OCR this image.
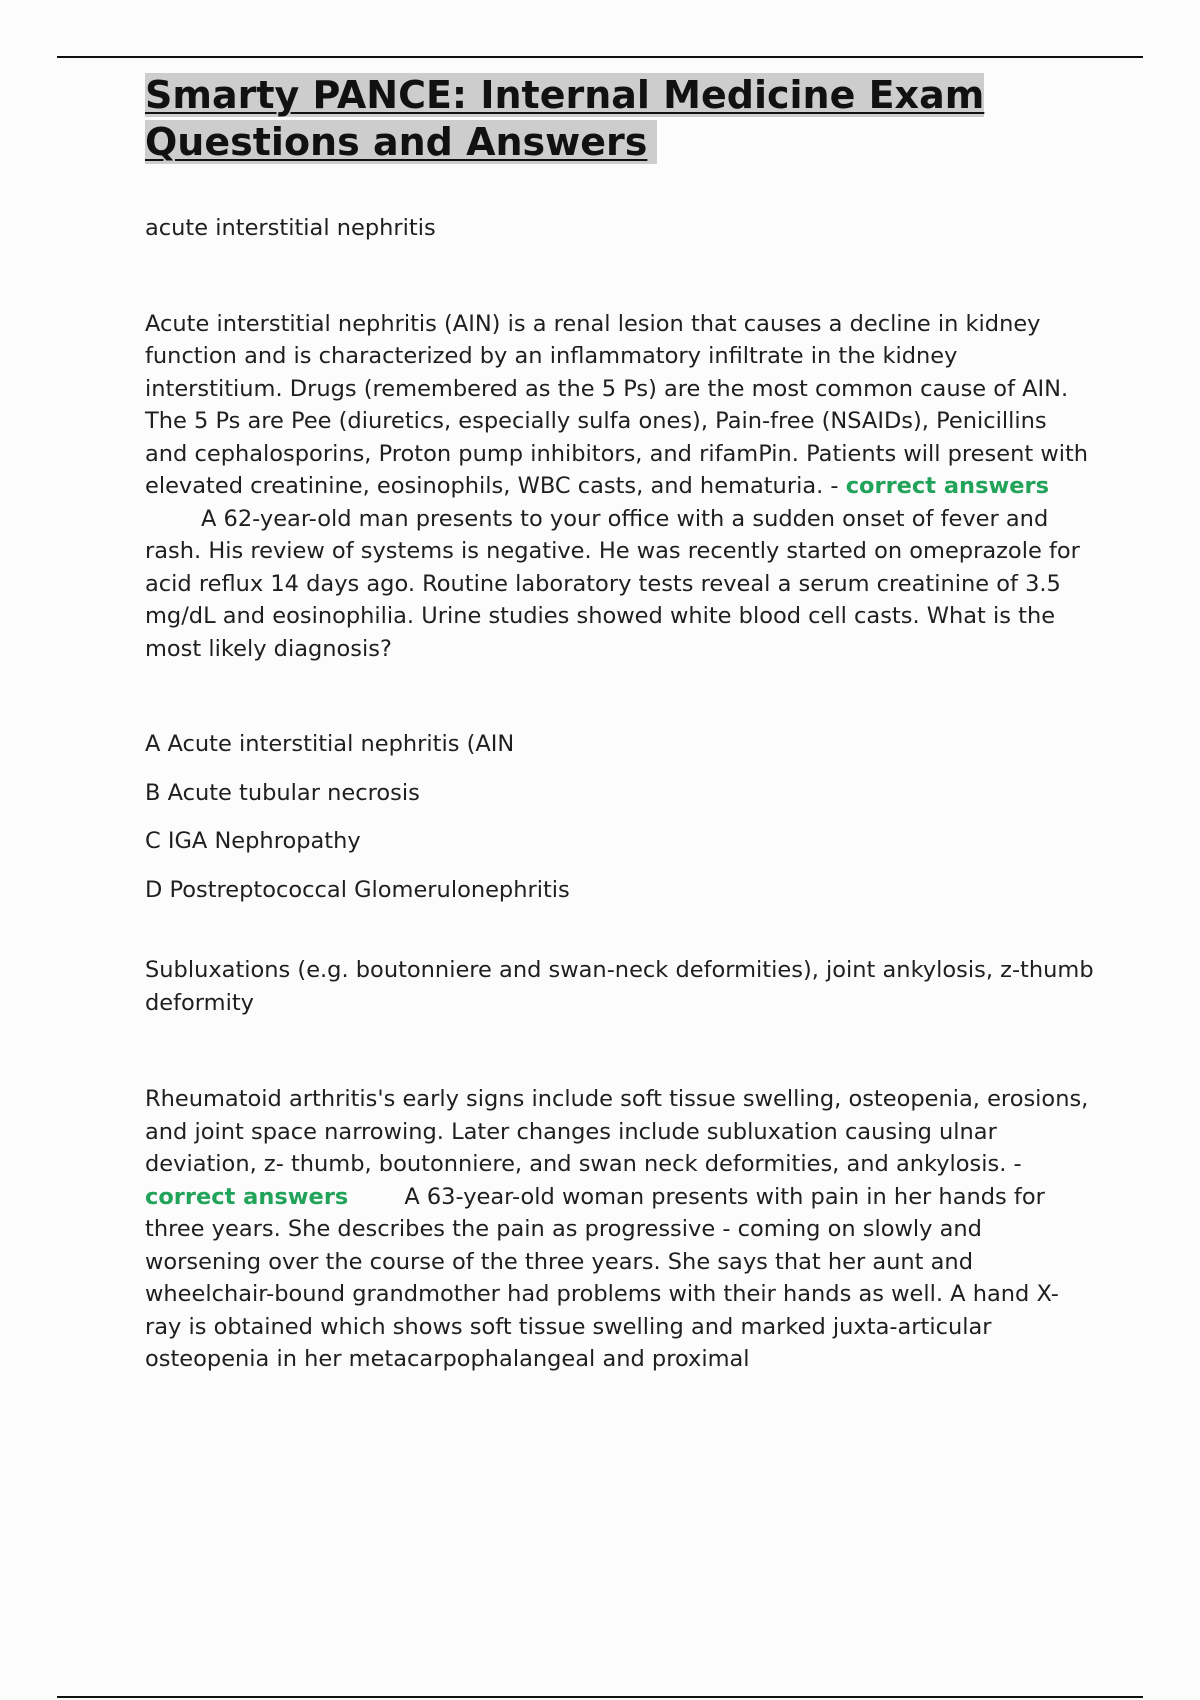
Smarty PANCE: Internal Medicine Exam Questions and Answers

acute interstitial nephritis

Acute interstitial nephritis (AIN) is a renal lesion that causes a decline in kidney function and is characterized by an inflammatory infiltrate in the kidney interstitium. Drugs (remembered as the 5 Ps) are the most common cause of AIN. The 5 Ps are Pee (diuretics, especially sulfa ones), Pain-free (NSAIDs), Penicillins and cephalosporins, Proton pump inhibitors, and rifamPin. Patients will present with elevated creatinine, eosinophils, WBC casts, and hematuria. - correct answersA 62-year-old man presents to your office with a sudden onset of fever and rash. His review of systems is negative. He was recently started on omeprazole for acid reflux 14 days ago. Routine laboratory tests reveal a serum creatinine of 3.5 mg/dL and eosinophilia. Urine studies showed white blood cell casts. What is the most likely diagnosis?

A Acute interstitial nephritis (AIN
B Acute tubular necrosis
C IGA Nephropathy
D Postreptococcal Glomerulonephritis

Subluxations (e.g. boutonniere and swan-neck deformities), joint ankylosis, z-thumb deformity

Rheumatoid arthritis's early signs include soft tissue swelling, osteopenia, erosions, and joint space narrowing. Later changes include subluxation causing ulnar deviation, z- thumb, boutonniere, and swan neck deformities, and ankylosis. - correct answers A 63-year-old woman presents with pain in her hands for three years. She describes the pain as progressive - coming on slowly and worsening over the course of the three years. She says that her aunt and wheelchair-bound grandmother had problems with their hands as well. A hand X-ray is obtained which shows soft tissue swelling and marked juxta-articular osteopenia in her metacarpophalangeal and proximal
